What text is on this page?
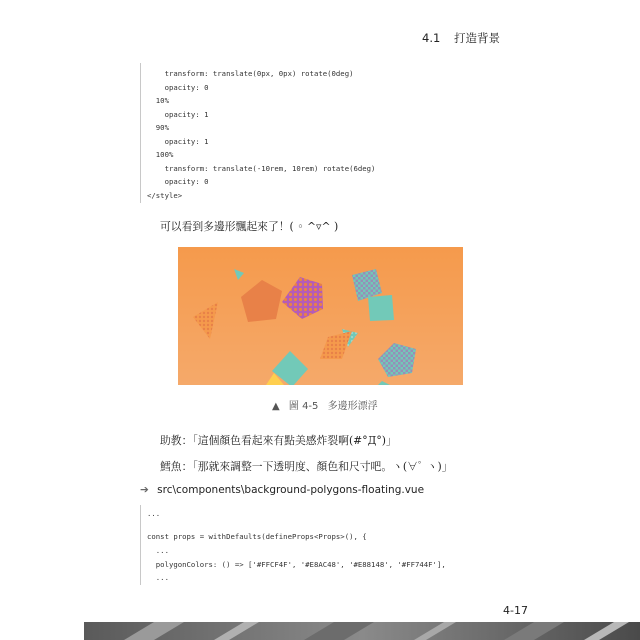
4.1 打造背景
transform: translate(0px, 0px) rotate(0deg)
opacity: 0
10%
opacity: 1
90%
opacity: 1
100%
transform: translate(-10rem, 10rem) rotate(6deg)
opacity: 0
</style>
可以看到多邊形飄起來了！( ◦ ^▿^ )
▲ 圖 4-5 多邊形漂浮
助教：「這個顏色看起來有點美感炸裂啊(#°Д°)」
鱈魚：「那就來調整一下透明度、顏色和尺寸吧。ヽ(∀ﾟ ヽ)」
➔ src\components\background-polygons-floating.vue
...
const props = withDefaults(defineProps<Props>(), {
...
polygonColors: () => ['#FFCF4F', '#E8AC48', '#E88148', '#FF744F'],
...
4-17
